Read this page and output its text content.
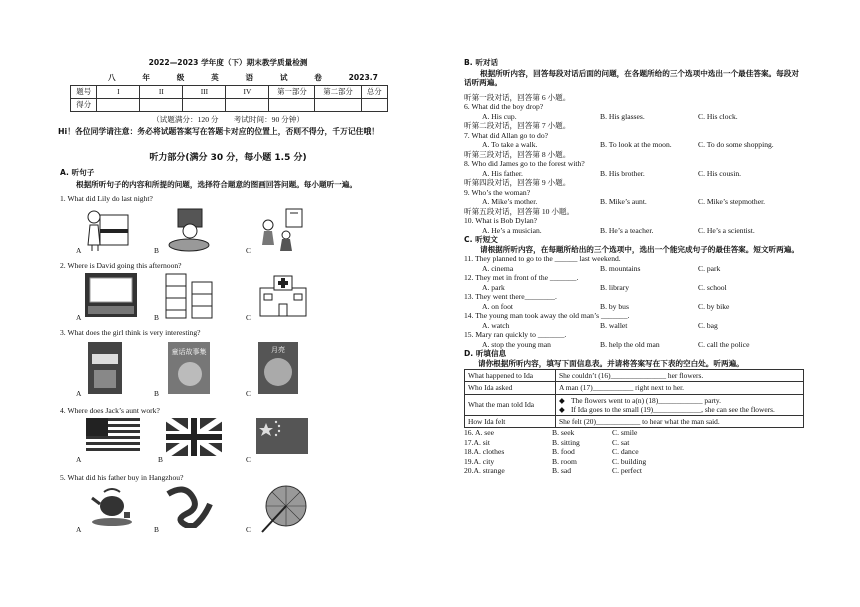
2022—2023 学年度（下）期末教学质量检测
八	年	级	英	语	试	卷	2023.7
题号	I	II	III	IV	第一部分	第二部分	总分
得分							
（试题满分：120 分　　考试时间：90 分钟）
Hi！各位同学请注意：务必将试题答案写在答题卡对应的位置上，否则不得分，千万记住哦！
听力部分(满分 30 分，每小题 1.5 分)
A. 听句子
根据所听句子的内容和所提的问题，选择符合题意的图画回答问题。每小题听一遍。
1. What did Lily do last night?
A	B	C
2. Where is David going this afternoon?
A	B	C
3. What does the girl think is very interesting?
A	B
童话故事集
C
月亮
4. Where does Jack’s aunt work?
A	B	C
5. What did his father buy in Hangzhou?
A	B	C
B. 听对话
根据所听内容，回答每段对话后面的问题，在各题所给的三个选项中选出一个最佳答案。每段对话听两遍。
听第一段对话，回答第 6 小题。
6. What did the boy drop?
A. His cup.	B. His glasses.	C. His clock.
听第二段对话，回答第 7 小题。
7. What did Allan go to do?
A. To take a walk.	B. To look at the moon.	C. To do some shopping.
听第三段对话，回答第 8 小题。
8. Who did James go to the forest with?
A. His father.	B. His brother.	C. His cousin.
听第四段对话，回答第 9 小题。
9. Who’s the woman?
A. Mike’s mother.	B. Mike’s aunt.	C. Mike’s stepmother.
听第五段对话，回答第 10 小题。
10. What is Bob Dylan?
A. He’s a musician.	B. He’s a teacher.	C. He’s a scientist.
C. 听短文
请根据所听内容，在每题所给出的三个选项中，选出一个能完成句子的最佳答案。短文听两遍。
11. They planned to go to the ______ last weekend.
A. cinema	B. mountains	C. park
12. They met in front of the _______.
A. park	B. library	C. school
13. They went there________.
A. on foot	B. by bus	C. by bike
14. The young man took away the old man’s _______.
A. watch	B. wallet	C. bag
15. Mary ran quickly to _______.
A. stop the young man	B. help the old man	C. call the police
D. 听填信息
请你根据所听内容，填写下面信息表。并请将答案写在下表的空白处。听两遍。
What happened to Ida	She couldn’t (16)_______________ her flowers.
Who Ida asked	A man (17)___________ right next to her.
What the man told Ida	◆ The flowers went to a(n) (18)____________ party.
◆ If Ida goes to the small (19)_____________, she can see the flowers.

How Ida felt	She felt (20)____________ to hear what the man said.
16. A. see	B. seek	C. smile
17.A. sit	B. sitting	C. sat
18.A. clothes	B. food	C. dance
19.A. city	B. room	C. building
20.A. strange	B. sad	C. perfect
